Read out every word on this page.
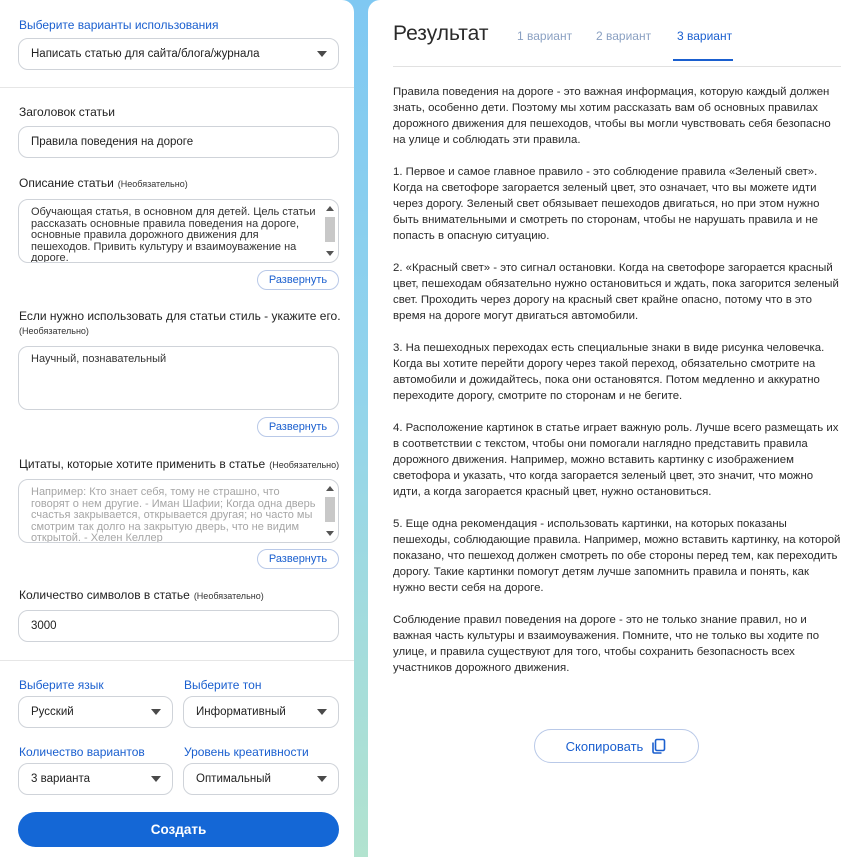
Выберите варианты использования
Написать статью для сайта/блога/журнала
Заголовок статьи
Правила поведения на дороге
Описание статьи (Необязательно)
Обучающая статья, в основном для детей. Цель статьи рассказать основные правила поведения на дороге, основные правила дорожного движения для пешеходов. Привить культуру и взаимоуважение на дороге.
Развернуть
Если нужно использовать для статьи стиль - укажите его.
(Необязательно)
Научный, познавательный
Развернуть
Цитаты, которые хотите применить в статье (Необязательно)
Например: Кто знает себя, тому не страшно, что говорят о нем другие. - Иман Шафии; Когда одна дверь счастья закрывается, открывается другая; но часто мы смотрим так долго на закрытую дверь, что не видим открытой. - Хелен Келлер
Развернуть
Количество символов в статье (Необязательно)
3000
Выберите язык
Русский
Выберите тон
Информативный
Количество вариантов
3 варианта
Уровень креативности
Оптимальный
Создать
Результат 1 вариант 2 вариант 3 вариант

Правила поведения на дороге - это важная информация, которую каждый должен знать, особенно дети. Поэтому мы хотим рассказать вам об основных правилах дорожного движения для пешеходов, чтобы вы могли чувствовать себя безопасно на улице и соблюдать эти правила.

1. Первое и самое главное правило - это соблюдение правила «Зеленый свет». Когда на светофоре загорается зеленый цвет, это означает, что вы можете идти через дорогу. Зеленый свет обязывает пешеходов двигаться, но при этом нужно быть внимательными и смотреть по сторонам, чтобы не нарушать правила и не попасть в опасную ситуацию.

2. «Красный свет» - это сигнал остановки. Когда на светофоре загорается красный цвет, пешеходам обязательно нужно остановиться и ждать, пока загорится зеленый свет. Проходить через дорогу на красный свет крайне опасно, потому что в это время на дороге могут двигаться автомобили.

3. На пешеходных переходах есть специальные знаки в виде рисунка человечка. Когда вы хотите перейти дорогу через такой переход, обязательно смотрите на автомобили и дожидайтесь, пока они остановятся. Потом медленно и аккуратно переходите дорогу, смотрите по сторонам и не бегите.

4. Расположение картинок в статье играет важную роль. Лучше всего размещать их в соответствии с текстом, чтобы они помогали наглядно представить правила дорожного движения. Например, можно вставить картинку с изображением светофора и указать, что когда загорается зеленый цвет, это значит, что можно идти, а когда загорается красный цвет, нужно остановиться.

5. Еще одна рекомендация - использовать картинки, на которых показаны пешеходы, соблюдающие правила. Например, можно вставить картинку, на которой показано, что пешеход должен смотреть по обе стороны перед тем, как переходить дорогу. Такие картинки помогут детям лучше запомнить правила и понять, как нужно вести себя на дороге.

Соблюдение правил поведения на дороге - это не только знание правил, но и важная часть культуры и взаимоуважения. Помните, что не только вы ходите по улице, и правила существуют для того, чтобы сохранить безопасность всех участников дорожного движения.

Скопировать
